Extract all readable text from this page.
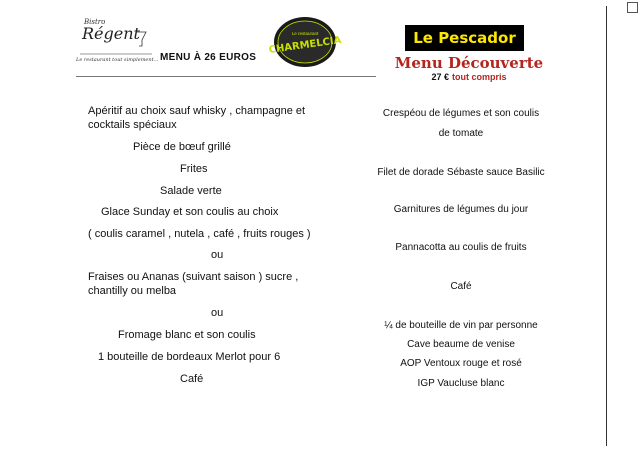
Bistro
Régent
Le restaurant tout simplement... MENU À 26 EUROS
Le restaurant
CHARMELCIA
Apéritif au choix sauf whisky , champagne et
cocktails spéciaux
Pièce de bœuf grillé
Frites
Salade verte
Glace Sunday et son coulis au choix
( coulis caramel , nutela , café , fruits rouges )
ou
Fraises ou Ananas (suivant saison ) sucre ,
chantilly ou melba
ou
Fromage blanc et son coulis
1 bouteille de bordeaux Merlot pour 6
Café
Le Pescador
Menu Découverte
27 € tout compris
Crespéou de légumes et son coulis
de tomate
Filet de dorade Sébaste sauce Basilic
Garnitures de légumes du jour
Pannacotta au coulis de fruits
Café
¼ de bouteille de vin par personne
Cave beaume de venise
AOP Ventoux rouge et rosé
IGP Vaucluse blanc
